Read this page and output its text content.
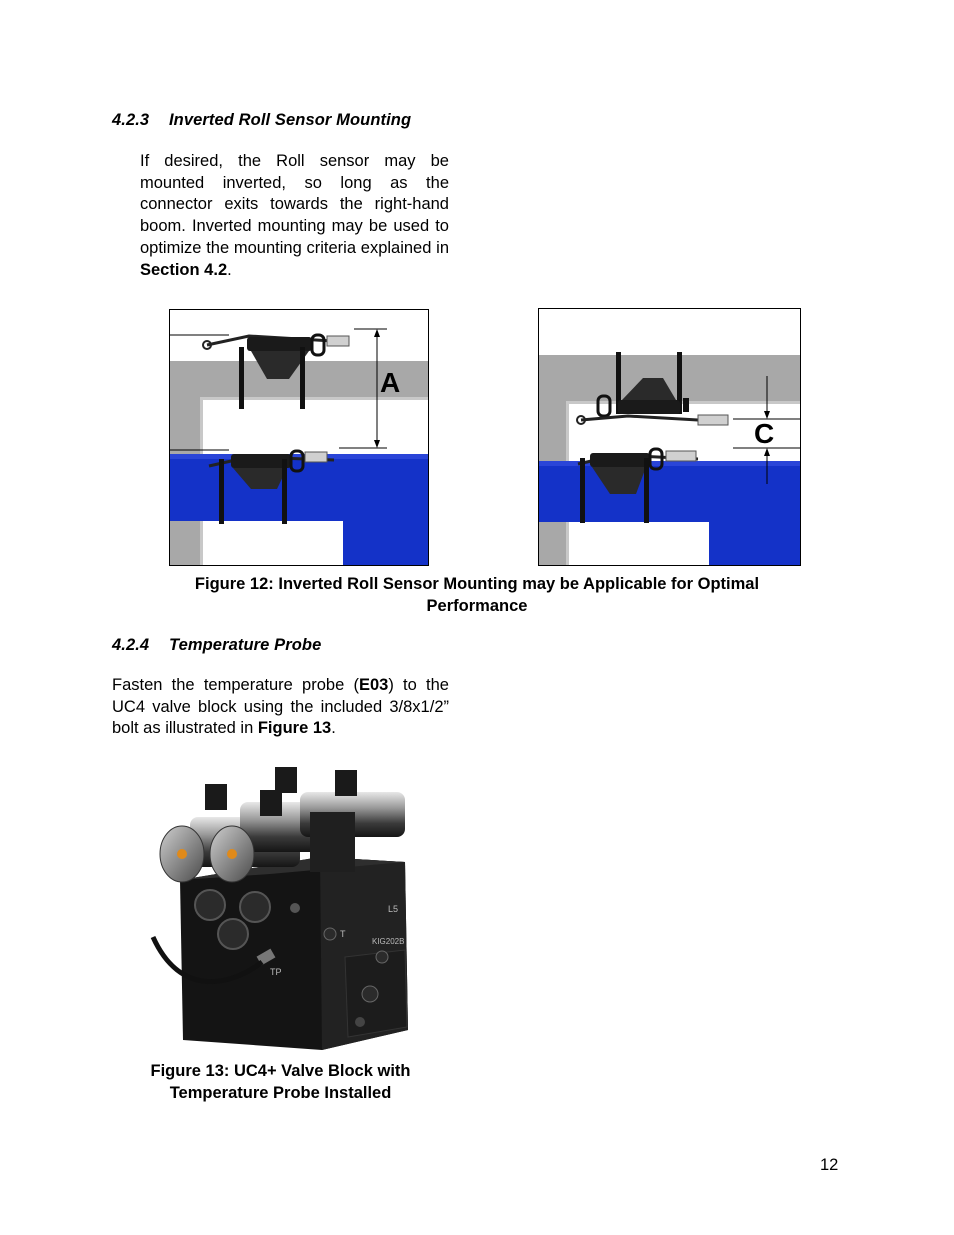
4.2.3 Inverted Roll Sensor Mounting
If desired, the Roll sensor may be mounted inverted, so long as the connector exits towards the right-hand boom. Inverted mounting may be used to optimize the mounting criteria explained in Section 4.2.
A
C
Figure 12: Inverted Roll Sensor Mounting may be Applicable for Optimal
Performance
4.2.4 Temperature Probe
Fasten the temperature probe (E03) to the UC4 valve block using the included 3/8x1/2” bolt as illustrated in Figure 13.
T
L5
KIG202B
TP
Figure 13: UC4+ Valve Block with
Temperature Probe Installed
12
